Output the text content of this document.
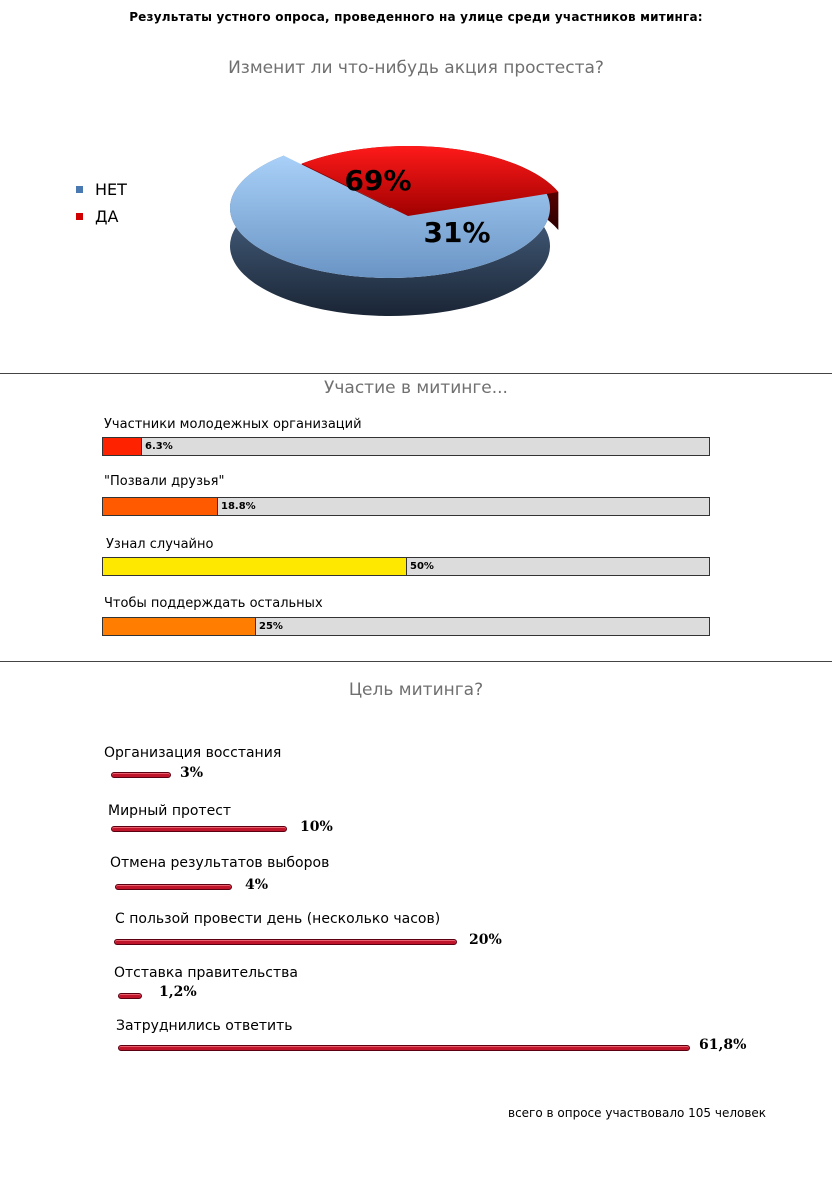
Результаты устного опроса, проведенного на улице среди участников митинга:
Изменит ли что-нибудь акция простеста?
НЕТ
ДА
69%
31%
Участие в митинге...
Участники молодежных организаций
6.3%
"Позвали друзья"
18.8%
Узнал случайно
50%
Чтобы поддерждать остальных
25%
Цель митинга?
Организация восстания
3%
Мирный протест
10%
Отмена результатов выборов
4%
С пользой провести день (несколько часов)
20%
Отставка правительства
1,2%
Затруднились ответить
61,8%
всего в опросе участвовало 105 человек
